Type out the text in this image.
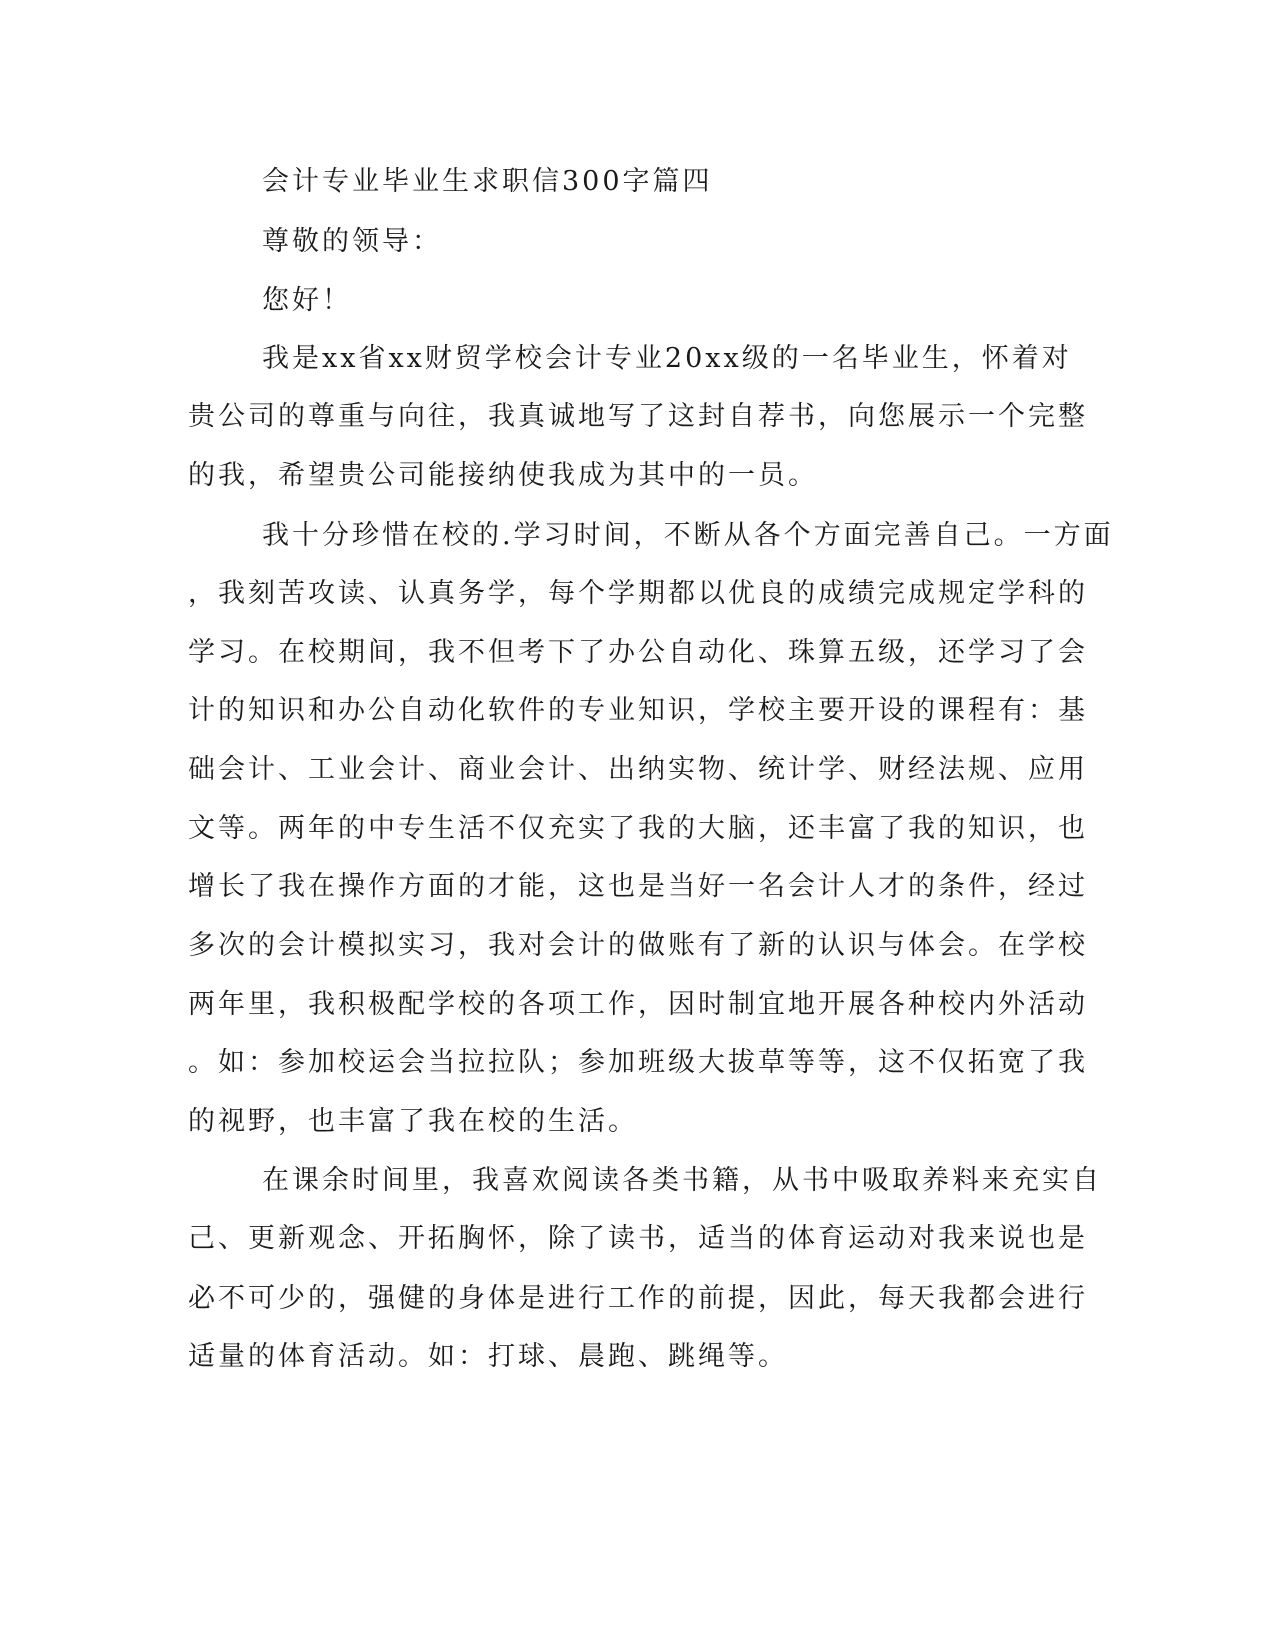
会计专业毕业生求职信300字篇四
尊敬的领导：
您好！
我是xx省xx财贸学校会计专业20xx级的一名毕业生，怀着对
贵公司的尊重与向往，我真诚地写了这封自荐书，向您展示一个完整
的我，希望贵公司能接纳使我成为其中的一员。
我十分珍惜在校的.学习时间，不断从各个方面完善自己。一方面
，我刻苦攻读、认真务学，每个学期都以优良的成绩完成规定学科的
学习。在校期间，我不但考下了办公自动化、珠算五级，还学习了会
计的知识和办公自动化软件的专业知识，学校主要开设的课程有：基
础会计、工业会计、商业会计、出纳实物、统计学、财经法规、应用
文等。两年的中专生活不仅充实了我的大脑，还丰富了我的知识，也
增长了我在操作方面的才能，这也是当好一名会计人才的条件，经过
多次的会计模拟实习，我对会计的做账有了新的认识与体会。在学校
两年里，我积极配学校的各项工作，因时制宜地开展各种校内外活动
。如：参加校运会当拉拉队；参加班级大拔草等等，这不仅拓宽了我
的视野，也丰富了我在校的生活。
在课余时间里，我喜欢阅读各类书籍，从书中吸取养料来充实自
己、更新观念、开拓胸怀，除了读书，适当的体育运动对我来说也是
必不可少的，强健的身体是进行工作的前提，因此，每天我都会进行
适量的体育活动。如：打球、晨跑、跳绳等。
